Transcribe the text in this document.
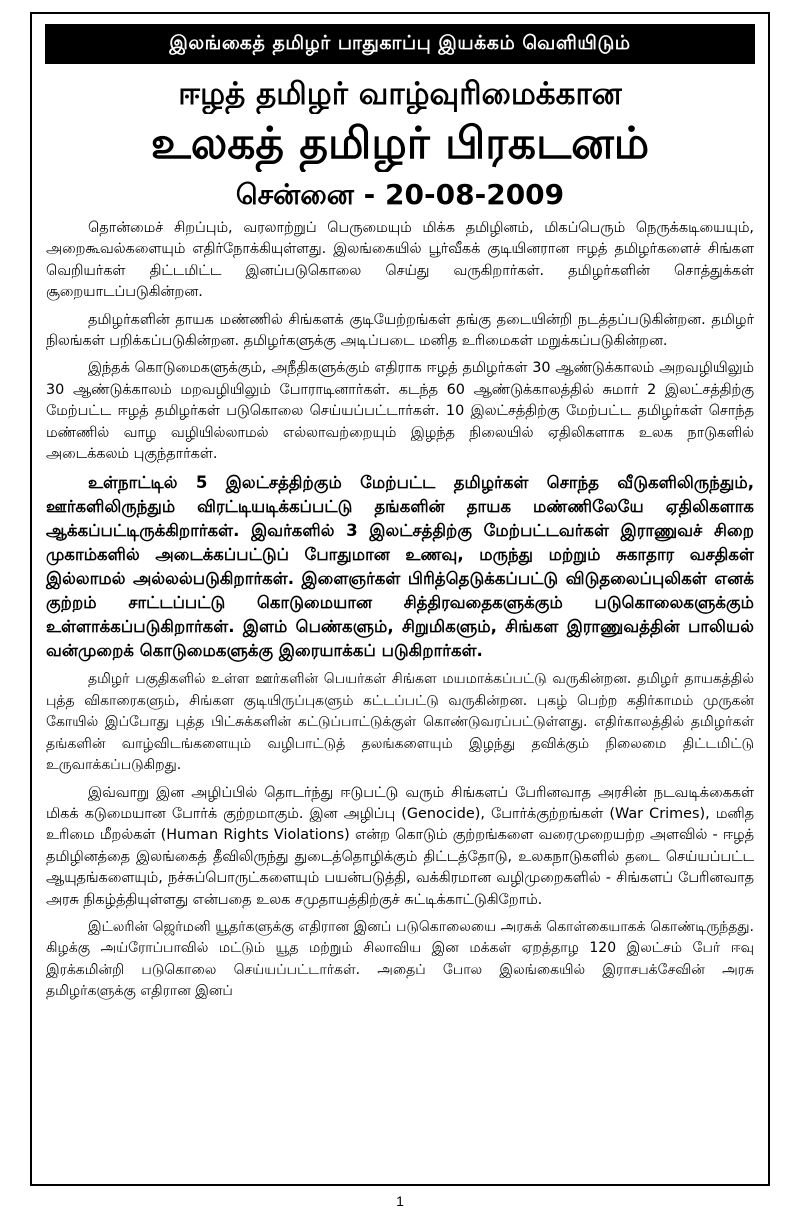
இலங்கைத் தமிழர் பாதுகாப்பு இயக்கம் வெளியிடும்
ஈழத் தமிழர் வாழ்வுரிமைக்கான
உலகத் தமிழர் பிரகடனம்
சென்னை - 20-08-2009

தொன்மைச் சிறப்பும், வரலாற்றுப் பெருமையும் மிக்க தமிழினம், மிகப்பெரும் நெருக்கடியையும், அறைகூவல்களையும் எதிர்நோக்கியுள்ளது. இலங்கையில் பூர்வீகக் குடியினரான ஈழத் தமிழர்களைச் சிங்கள வெறியர்கள் திட்டமிட்ட இனப்படுகொலை செய்து வருகிறார்கள். தமிழர்களின் சொத்துக்கள் சூறையாடப்படுகின்றன.

தமிழர்களின் தாயக மண்ணில் சிங்களக் குடியேற்றங்கள் தங்கு தடையின்றி நடத்தப்படுகின்றன. தமிழர் நிலங்கள் பறிக்கப்படுகின்றன. தமிழர்களுக்கு அடிப்படை மனித உரிமைகள் மறுக்கப்படுகின்றன.

இந்தக் கொடுமைகளுக்கும், அநீதிகளுக்கும் எதிராக ஈழத் தமிழர்கள் 30 ஆண்டுக்காலம் அறவழியிலும் 30 ஆண்டுக்காலம் மறவழியிலும் போராடினார்கள். கடந்த 60 ஆண்டுக்காலத்தில் சுமார் 2 இலட்சத்திற்கு மேற்பட்ட ஈழத் தமிழர்கள் படுகொலை செய்யப்பட்டார்கள். 10 இலட்சத்திற்கு மேற்பட்ட தமிழர்கள் சொந்த மண்ணில் வாழ வழியில்லாமல் எல்லாவற்றையும் இழந்த நிலையில் ஏதிலிகளாக உலக நாடுகளில் அடைக்கலம் புகுந்தார்கள்.

உள்நாட்டில் 5 இலட்சத்திற்கும் மேற்பட்ட தமிழர்கள் சொந்த வீடுகளிலிருந்தும், ஊர்களிலிருந்தும் விரட்டியடிக்கப்பட்டு தங்களின் தாயக மண்ணிலேயே ஏதிலிகளாக ஆக்கப்பட்டிருக்கிறார்கள். இவர்களில் 3 இலட்சத்திற்கு மேற்பட்டவர்கள் இராணுவச் சிறை முகாம்களில் அடைக்கப்பட்டுப் போதுமான உணவு, மருந்து மற்றும் சுகாதார வசதிகள் இல்லாமல் அல்லல்படுகிறார்கள். இளைஞர்கள் பிரித்தெடுக்கப்பட்டு விடுதலைப்புலிகள் எனக் குற்றம் சாட்டப்பட்டு கொடுமையான சித்திரவதைகளுக்கும் படுகொலைகளுக்கும் உள்ளாக்கப்படுகிறார்கள். இளம் பெண்களும், சிறுமிகளும், சிங்கள இராணுவத்தின் பாலியல் வன்முறைக் கொடுமைகளுக்கு இரையாக்கப் படுகிறார்கள்.

தமிழர் பகுதிகளில் உள்ள ஊர்களின் பெயர்கள் சிங்கள மயமாக்கப்பட்டு வருகின்றன. தமிழர் தாயகத்தில் புத்த விகாரைகளும், சிங்கள குடியிருப்புகளும் கட்டப்பட்டு வருகின்றன. புகழ் பெற்ற கதிர்காமம் முருகன் கோயில் இப்போது புத்த பிட்சுக்களின் கட்டுப்பாட்டுக்குள் கொண்டுவரப்பட்டுள்ளது. எதிர்காலத்தில் தமிழர்கள் தங்களின் வாழ்விடங்களையும் வழிபாட்டுத் தலங்களையும் இழந்து தவிக்கும் நிலைமை திட்டமிட்டு உருவாக்கப்படுகிறது.

இவ்வாறு இன அழிப்பில் தொடர்ந்து ஈடுபட்டு வரும் சிங்களப் பேரினவாத அரசின் நடவடிக்கைகள் மிகக் கடுமையான போர்க் குற்றமாகும். இன அழிப்பு (Genocide), போர்க்குற்றங்கள் (War Crimes), மனித உரிமை மீறல்கள் (Human Rights Violations) என்ற கொடும் குற்றங்களை வரைமுறையற்ற அளவில் - ஈழத் தமிழினத்தை இலங்கைத் தீவிலிருந்து துடைத்தொழிக்கும் திட்டத்தோடு, உலகநாடுகளில் தடை செய்யப்பட்ட ஆயுதங்களையும், நச்சுப்பொருட்களையும் பயன்படுத்தி, வக்கிரமான வழிமுறைகளில் - சிங்களப் பேரினவாத அரசு நிகழ்த்தியுள்ளது என்பதை உலக சமுதாயத்திற்குச் சுட்டிக்காட்டுகிறோம்.

இட்லரின் ஜெர்மனி யூதர்களுக்கு எதிரான இனப் படுகொலையை அரசுக் கொள்கையாகக் கொண்டிருந்தது. கிழக்கு அய்ரோப்பாவில் மட்டும் யூத மற்றும் சிலாவிய இன மக்கள் ஏறத்தாழ 120 இலட்சம் பேர் ஈவு இரக்கமின்றி படுகொலை செய்யப்பட்டார்கள். அதைப் போல இலங்கையில் இராசபக்சேவின் அரசு தமிழர்களுக்கு எதிரான இனப்

1
